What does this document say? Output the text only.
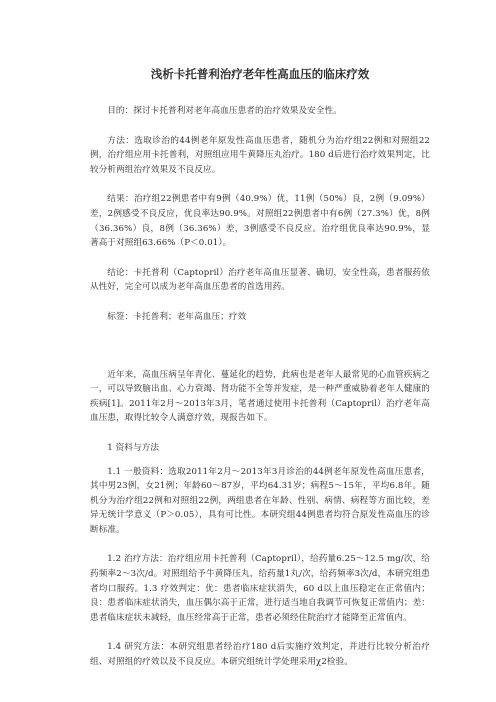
浅析卡托普利治疗老年性高血压的临床疗效

目的：探讨卡托普利对老年高血压患者的治疗效果及安全性。

方法：选取诊治的44例老年原发性高血压患者，随机分为治疗组22例和对照组22例，治疗组应用卡托普利，对照组应用牛黄降压丸治疗。180 d后进行治疗效果判定，比较分析两组治疗效果及不良反应。

结果：治疗组22例患者中有9例（40.9%）优，11例（50%）良，2例（9.09%）差，2例感受不良反应，优良率达90.9%。对照组22例患者中有6例（27.3%）优，8例（36.36%）良，8例（36.36%）差，3例感受不良反应。治疗组优良率达90.9%，显著高于对照组63.66%（P＜0.01）。

结论：卡托普利（Captopril）治疗老年高血压显著、确切，安全性高，患者服药依从性好，完全可以成为老年高血压患者的首选用药。

标签：卡托普利；老年高血压；疗效

近年来，高血压病呈年青化、蔓延化的趋势，此病也是老年人最常见的心血管疾病之一，可以导致脑出血、心力衰竭、肾功能不全等并发症，是一种严重威胁着老年人健康的疾病[1]。2011年2月～2013年3月，笔者通过使用卡托普利（Captopril）治疗老年高血压患，取得比较令人满意疗效，现报告如下。

1 资料与方法

1.1 一般资料：选取2011年2月～2013年3月诊治的44例老年原发性高血压患者，其中男23例，女21例；年龄60～87岁，平均64.31岁；病程5～15年，平均6.8年。随机分为治疗组22例和对照组22例，两组患者在年龄、性别、病情、病程等方面比较，差异无统计学意义（P＞0.05），具有可比性。本研究组44例患者均符合原发性高血压的诊断标准。

1.2 治疗方法：治疗组应用卡托普利（Captopril），给药量6.25～12.5 mg/次，给药频率2～3次/d。对照组给予牛黄降压丸，给药量1丸/次，给药频率3次/d，本研究组患者均口服药。1.3 疗效判定：优：患者临床症状消失，60 d以上血压稳定在正常值内；良：患者临床症状消失，血压偶尔高于正常，进行适当地自我调节可恢复正常值内；差：患者临床症状未减轻，血压经常高于正常，患者必须经住院治疗才能降至正常值内。

1.4 研究方法：本研究组患者经治疗180 d后实施疗效判定，并进行比较分析治疗组、对照组的疗效以及不良反应。本研究组统计学处理采用χ2检验。
